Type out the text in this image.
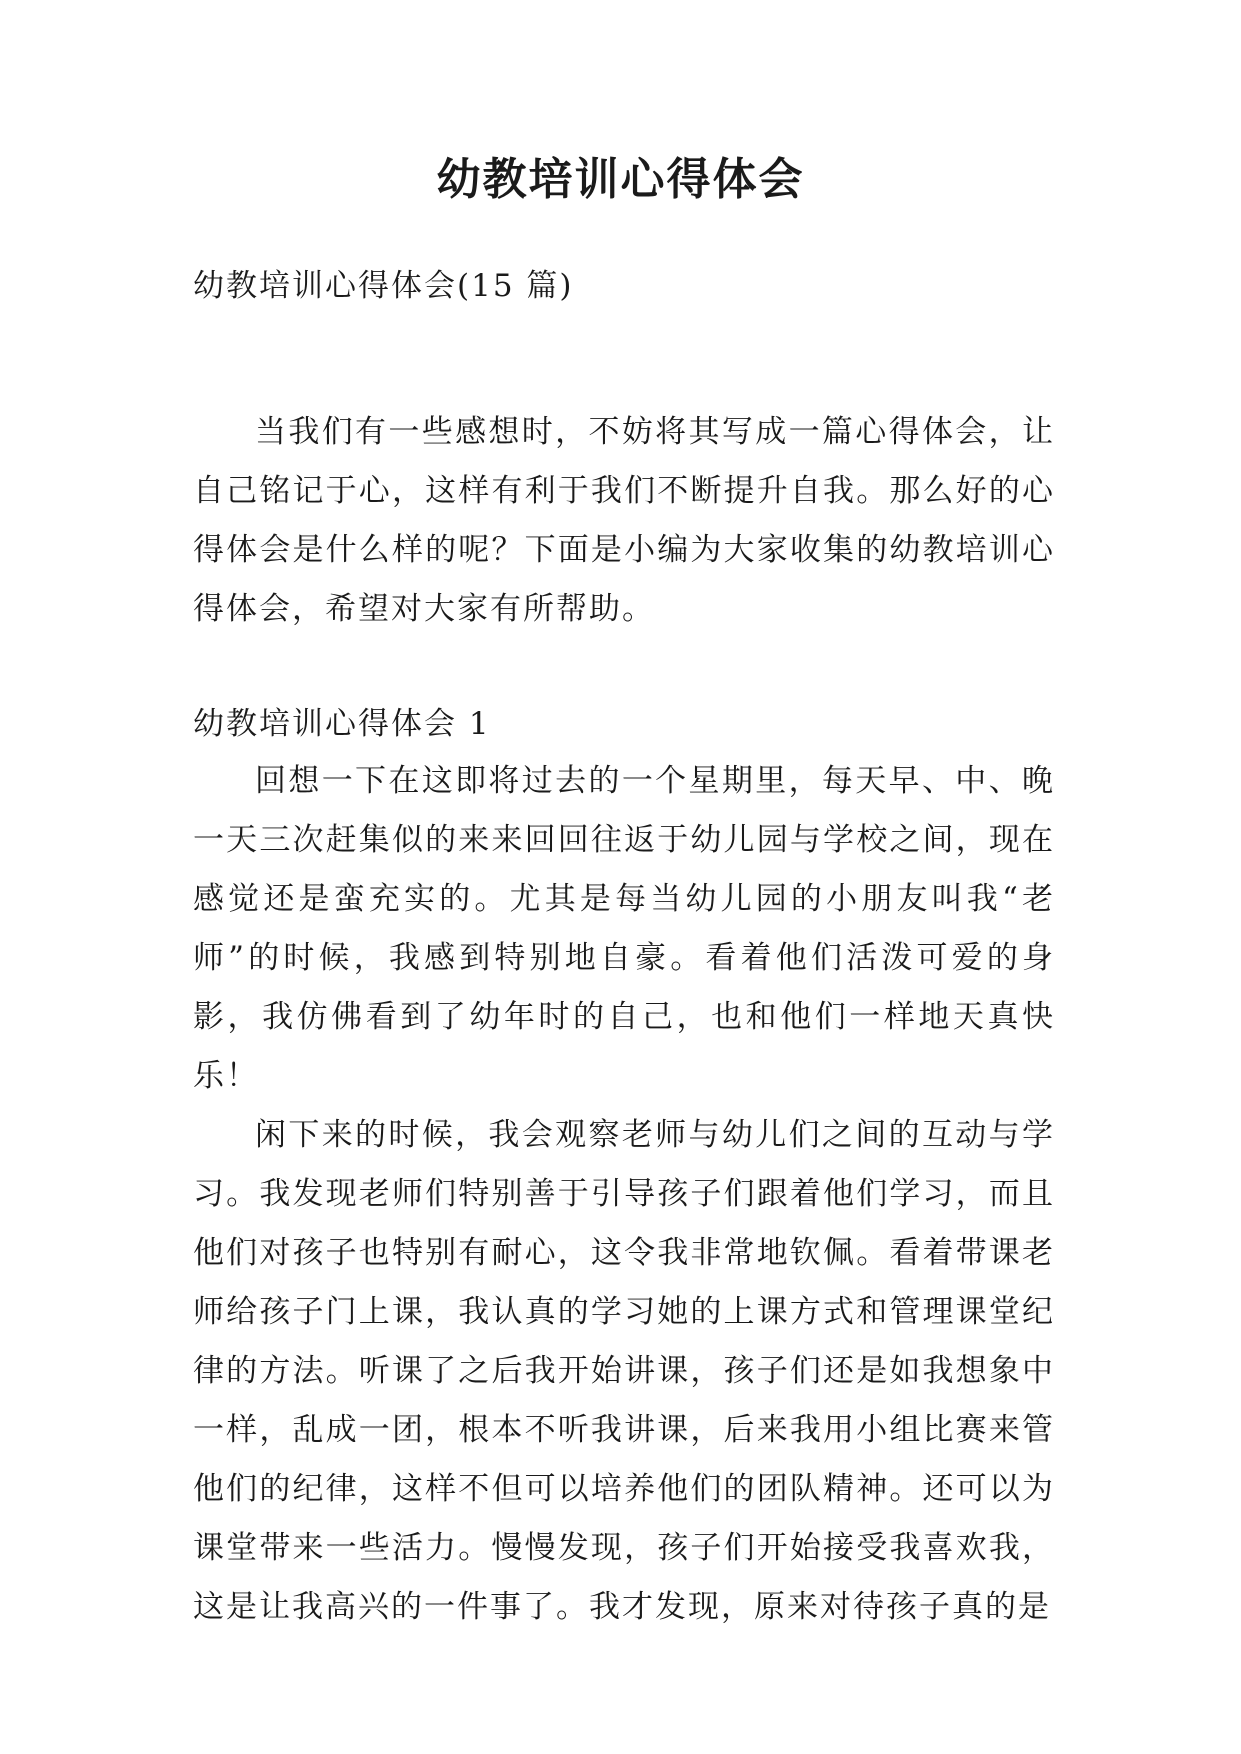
幼教培训心得体会

幼教培训心得体会(15 篇)

当我们有一些感想时，不妨将其写成一篇心得体会，让自己铭记于心，这样有利于我们不断提升自我。那么好的心得体会是什么样的呢？下面是小编为大家收集的幼教培训心得体会，希望对大家有所帮助。

幼教培训心得体会 1

回想一下在这即将过去的一个星期里，每天早、中、晚一天三次赶集似的来来回回往返于幼儿园与学校之间，现在感觉还是蛮充实的。尤其是每当幼儿园的小朋友叫我“老师”的时候，我感到特别地自豪。看着他们活泼可爱的身影，我仿佛看到了幼年时的自己，也和他们一样地天真快乐！

闲下来的时候，我会观察老师与幼儿们之间的互动与学习。我发现老师们特别善于引导孩子们跟着他们学习，而且他们对孩子也特别有耐心，这令我非常地钦佩。看着带课老师给孩子门上课，我认真的学习她的上课方式和管理课堂纪律的方法。听课了之后我开始讲课，孩子们还是如我想象中一样，乱成一团，根本不听我讲课，后来我用小组比赛来管他们的纪律，这样不但可以培养他们的团队精神。还可以为课堂带来一些活力。慢慢发现，孩子们开始接受我喜欢我，这是让我高兴的一件事了。我才发现，原来对待孩子真的是
